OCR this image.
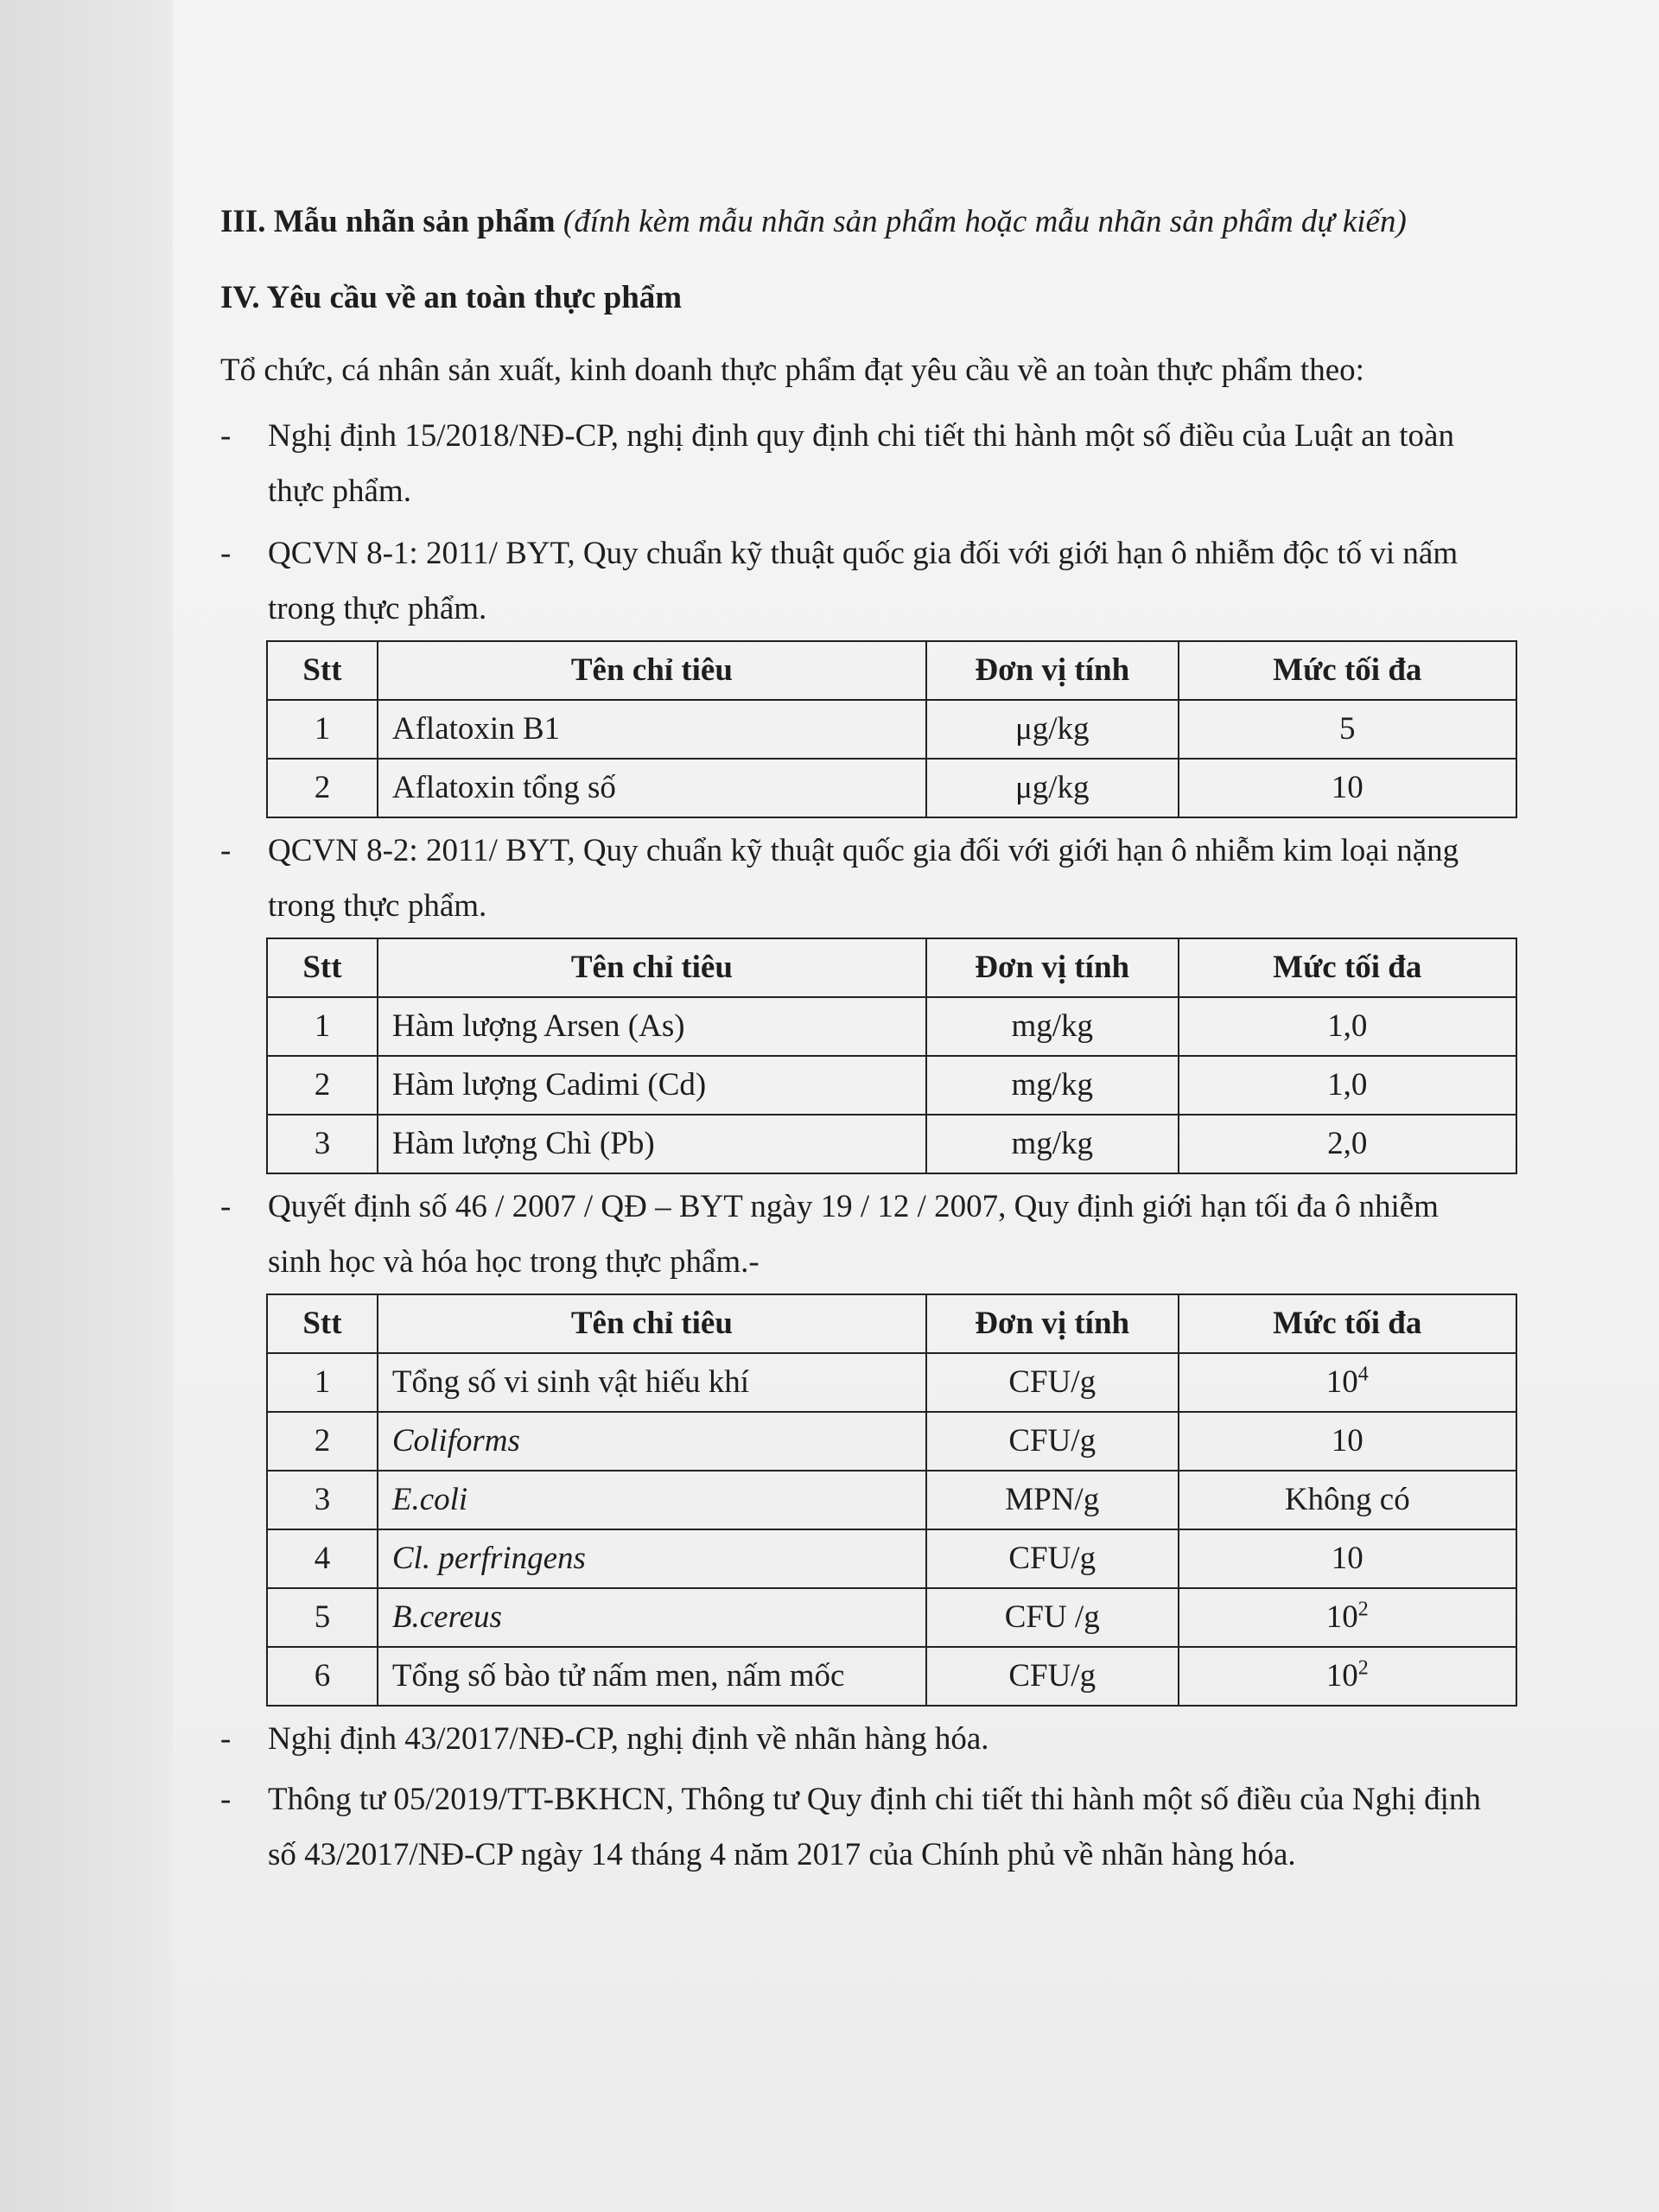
III. Mẫu nhãn sản phẩm (đính kèm mẫu nhãn sản phẩm hoặc mẫu nhãn sản phẩm dự kiến)

IV. Yêu cầu về an toàn thực phẩm

Tổ chức, cá nhân sản xuất, kinh doanh thực phẩm đạt yêu cầu về an toàn thực phẩm theo:

- Nghị định 15/2018/NĐ-CP, nghị định quy định chi tiết thi hành một số điều của Luật an toàn thực phẩm.

- QCVN 8-1: 2011/ BYT, Quy chuẩn kỹ thuật quốc gia đối với giới hạn ô nhiễm độc tố vi nấm trong thực phẩm.

Stt	Tên chỉ tiêu	Đơn vị tính	Mức tối đa
1	Aflatoxin B1	μg/kg	5
2	Aflatoxin tổng số	μg/kg	10

- QCVN 8-2: 2011/ BYT, Quy chuẩn kỹ thuật quốc gia đối với giới hạn ô nhiễm kim loại nặng trong thực phẩm.

Stt	Tên chỉ tiêu	Đơn vị tính	Mức tối đa
1	Hàm lượng Arsen (As)	mg/kg	1,0
2	Hàm lượng Cadimi (Cd)	mg/kg	1,0
3	Hàm lượng Chì (Pb)	mg/kg	2,0

- Quyết định số 46 / 2007 / QĐ – BYT ngày 19 / 12 / 2007, Quy định giới hạn tối đa ô nhiễm sinh học và hóa học trong thực phẩm.-

Stt	Tên chỉ tiêu	Đơn vị tính	Mức tối đa
1	Tổng số vi sinh vật hiếu khí	CFU/g	$10^4$
2	Coliforms	CFU/g	10
3	E.coli	MPN/g	Không có
4	Cl. perfringens	CFU/g	10
5	B.cereus	CFU /g	$10^2$
6	Tổng số bào tử nấm men, nấm mốc	CFU/g	$10^2$

- Nghị định 43/2017/NĐ-CP, nghị định về nhãn hàng hóa.

- Thông tư 05/2019/TT-BKHCN, Thông tư Quy định chi tiết thi hành một số điều của Nghị định số 43/2017/NĐ-CP ngày 14 tháng 4 năm 2017 của Chính phủ về nhãn hàng hóa.
